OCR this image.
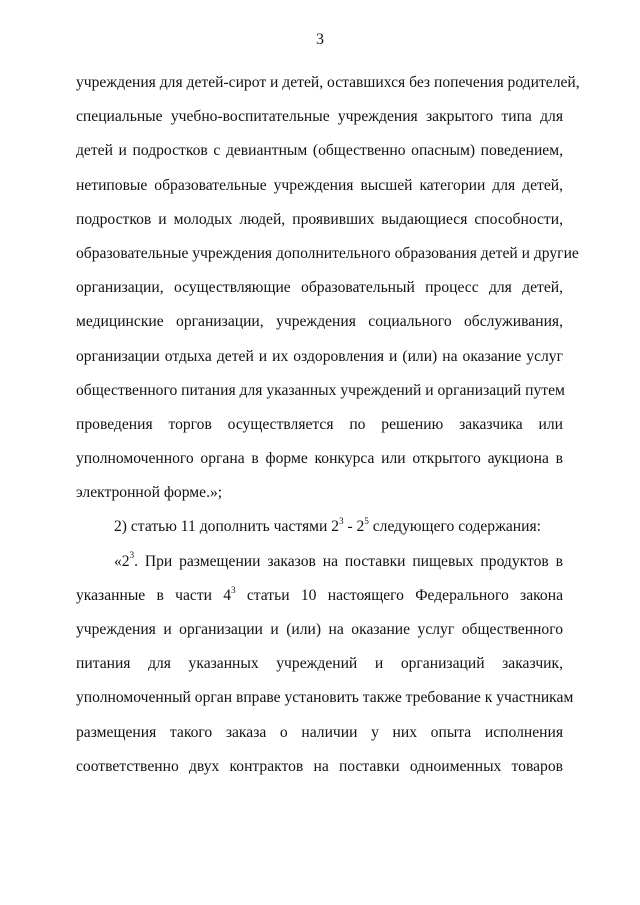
3
учреждения для детей-сирот и детей, оставшихся без попечения родителей,
специальные учебно-воспитательные учреждения закрытого типа для
детей и подростков с девиантным (общественно опасным) поведением,
нетиповые образовательные учреждения высшей категории для детей,
подростков и молодых людей, проявивших выдающиеся способности,
образовательные учреждения дополнительного образования детей и другие
организации, осуществляющие образовательный процесс для детей,
медицинские организации, учреждения социального обслуживания,
организации отдыха детей и их оздоровления и (или) на оказание услуг
общественного питания для указанных учреждений и организаций путем
проведения торгов осуществляется по решению заказчика или
уполномоченного органа в форме конкурса или открытого аукциона в
электронной форме.»;
2) статью 11 дополнить частями $2^3 - 2^5$ следующего содержания:
«$2^3$. При размещении заказов на поставки пищевых продуктов в
указанные в части $4^3$ статьи 10 настоящего Федерального закона
учреждения и организации и (или) на оказание услуг общественного
питания для указанных учреждений и организаций заказчик,
уполномоченный орган вправе установить также требование к участникам
размещения такого заказа о наличии у них опыта исполнения
соответственно двух контрактов на поставки одноименных товаров
